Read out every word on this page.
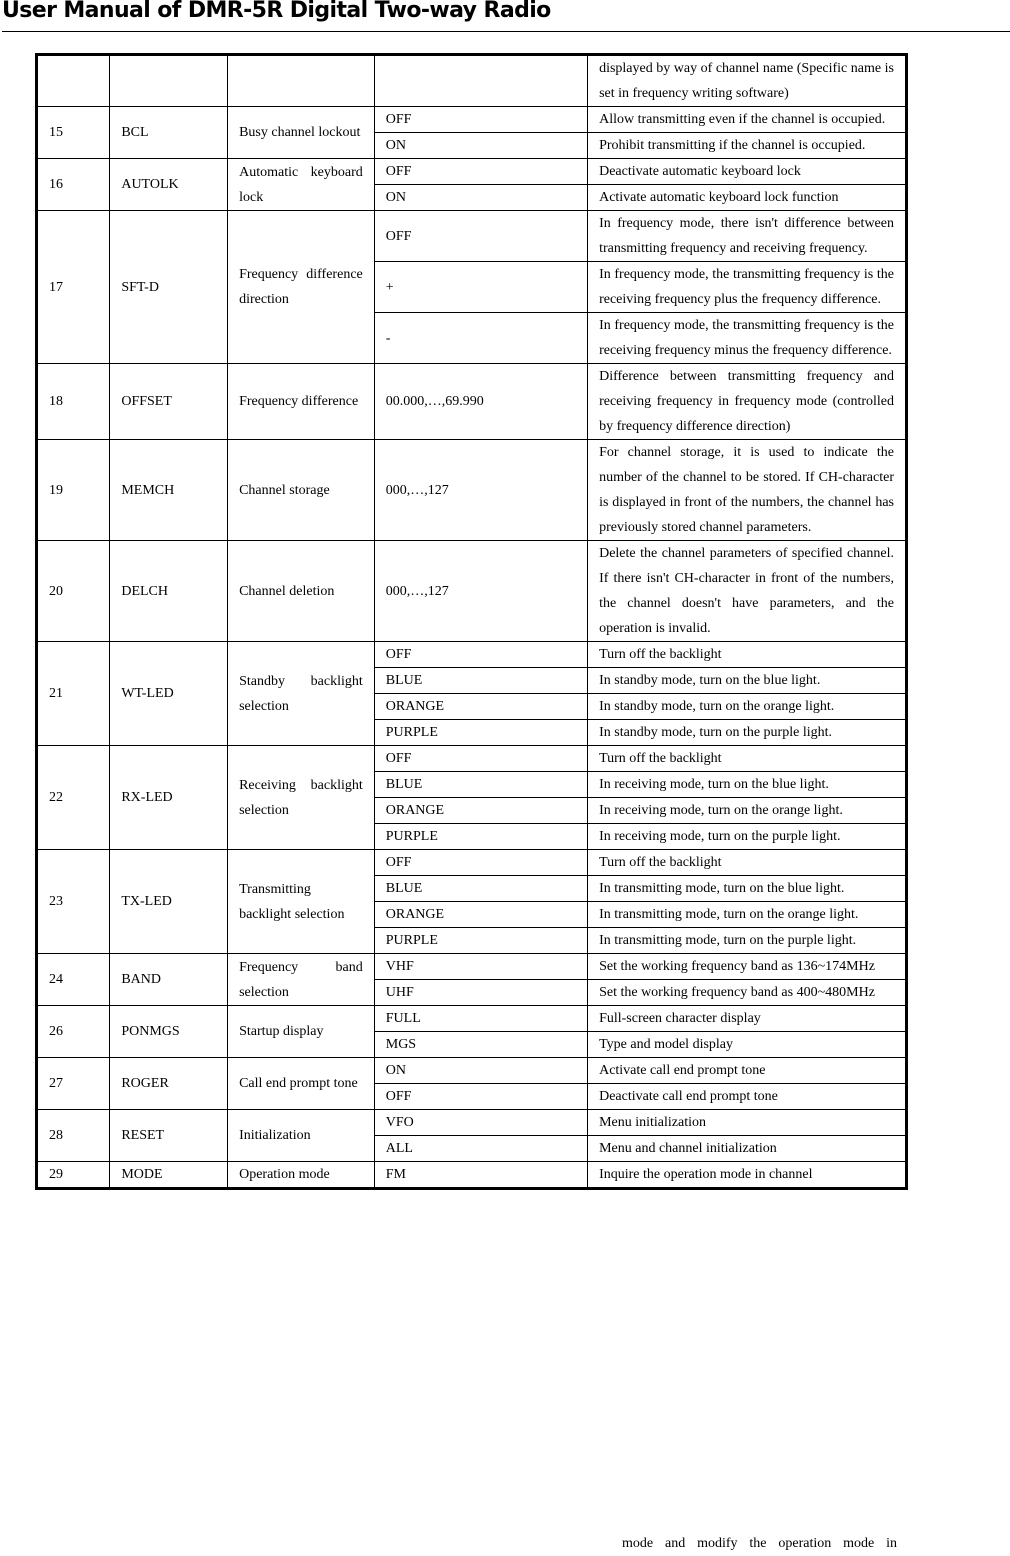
User Manual of DMR-5R Digital Two-way Radio
				displayed by way of channel name (Specific name is set in frequency writing software)
15	BCL	Busy channel lockout	OFF	Allow transmitting even if the channel is occupied.
			ON	Prohibit transmitting if the channel is occupied.
16	AUTOLK	Automatic keyboard lock	OFF	Deactivate automatic keyboard lock
			ON	Activate automatic keyboard lock function
17	SFT-D	Frequency difference direction	OFF	In frequency mode, there isn't difference between transmitting frequency and receiving frequency.
			+	In frequency mode, the transmitting frequency is the receiving frequency plus the frequency difference.
			-	In frequency mode, the transmitting frequency is the receiving frequency minus the frequency difference.
18	OFFSET	Frequency difference	00.000,…,69.990	Difference between transmitting frequency and receiving frequency in frequency mode (controlled by frequency difference direction)
19	MEMCH	Channel storage	000,…,127	For channel storage, it is used to indicate the number of the channel to be stored. If CH-character is displayed in front of the numbers, the channel has previously stored channel parameters.
20	DELCH	Channel deletion	000,…,127	Delete the channel parameters of specified channel. If there isn't CH-character in front of the numbers, the channel doesn't have parameters, and the operation is invalid.
21	WT-LED	Standby backlight selection	OFF	Turn off the backlight
			BLUE	In standby mode, turn on the blue light.
			ORANGE	In standby mode, turn on the orange light.
			PURPLE	In standby mode, turn on the purple light.
22	RX-LED	Receiving backlight selection	OFF	Turn off the backlight
			BLUE	In receiving mode, turn on the blue light.
			ORANGE	In receiving mode, turn on the orange light.
			PURPLE	In receiving mode, turn on the purple light.
23	TX-LED	Transmitting backlight selection	OFF	Turn off the backlight
			BLUE	In transmitting mode, turn on the blue light.
			ORANGE	In transmitting mode, turn on the orange light.
			PURPLE	In transmitting mode, turn on the purple light.
24	BAND	Frequency band selection	VHF	Set the working frequency band as 136~174MHz
			UHF	Set the working frequency band as 400~480MHz
26	PONMGS	Startup display	FULL	Full-screen character display
			MGS	Type and model display
27	ROGER	Call end prompt tone	ON	Activate call end prompt tone
			OFF	Deactivate call end prompt tone
28	RESET	Initialization	VFO	Menu initialization
			ALL	Menu and channel initialization
29	MODE	Operation mode	FM	Inquire the operation mode in channel
mode and modify the operation mode in
